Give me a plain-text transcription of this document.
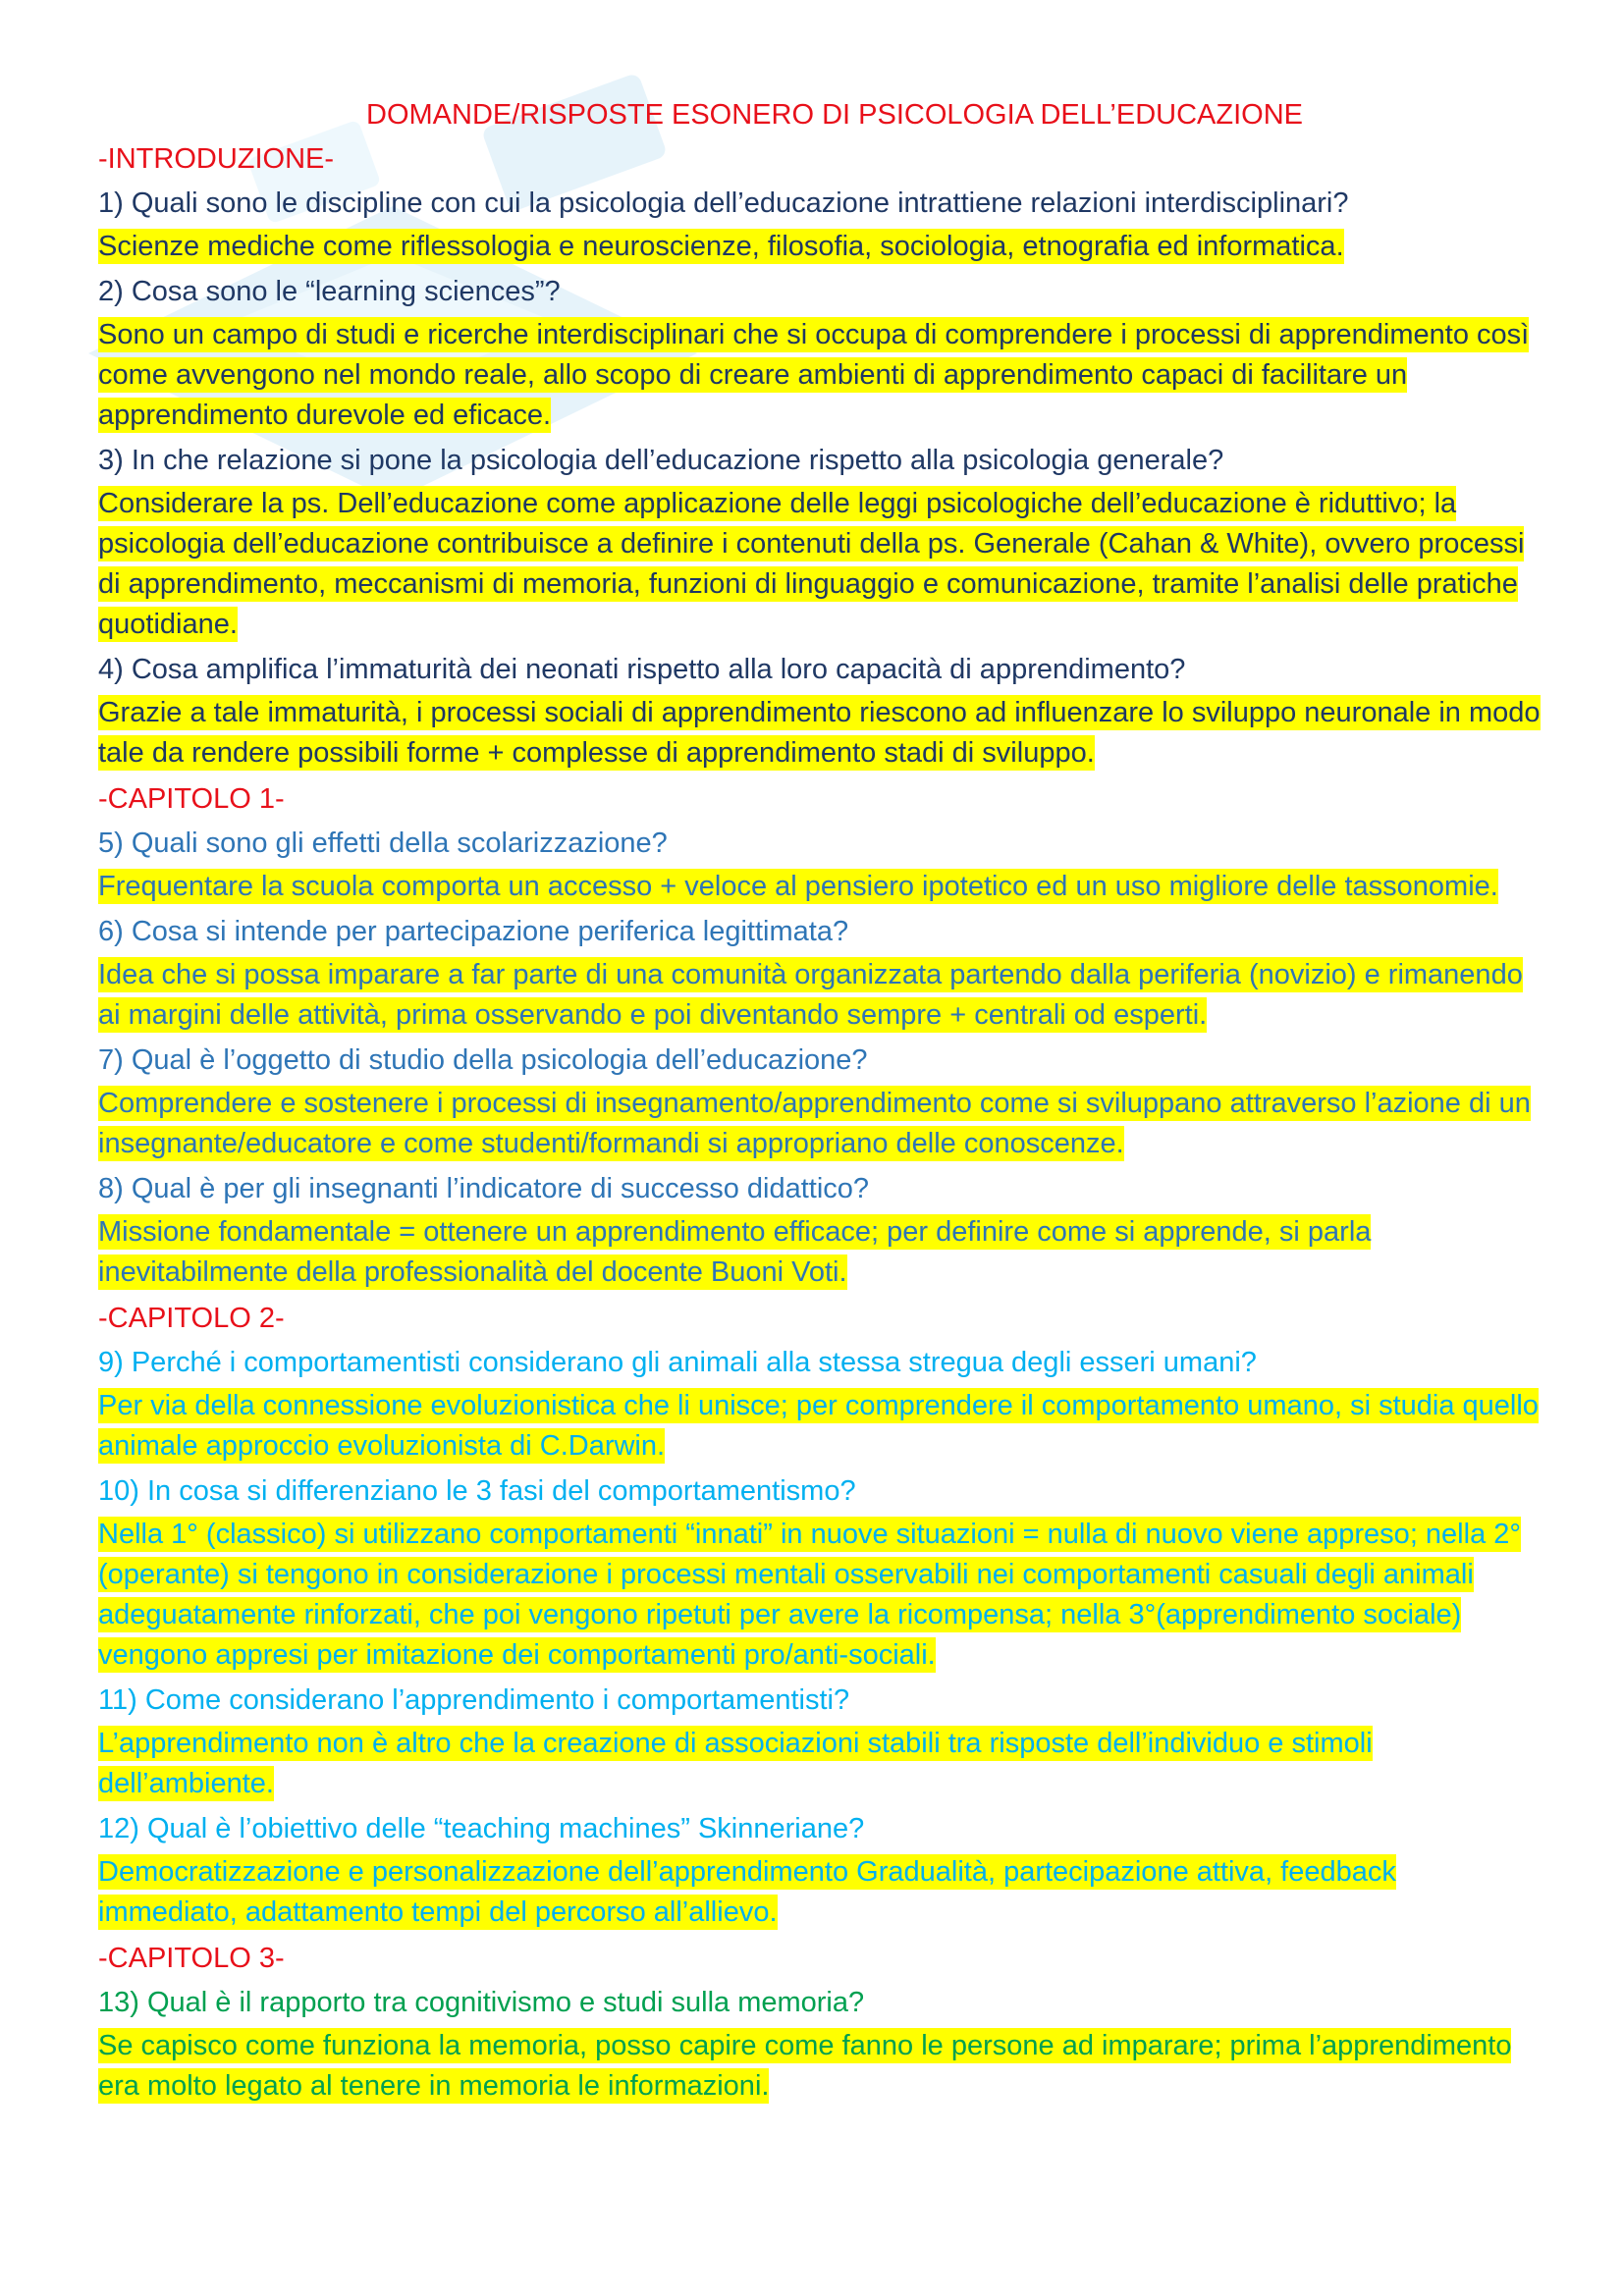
DOMANDE/RISPOSTE ESONERO DI PSICOLOGIA DELL’EDUCAZIONE

-INTRODUZIONE-

1) Quali sono le discipline con cui la psicologia dell’educazione intrattiene relazioni interdisciplinari?

Scienze mediche come riflessologia e neuroscienze, filosofia, sociologia, etnografia ed informatica.

2) Cosa sono le “learning sciences”?

Sono un campo di studi e ricerche interdisciplinari che si occupa di comprendere i processi di apprendimento così come avvengono nel mondo reale, allo scopo di creare ambienti di apprendimento capaci di facilitare un apprendimento durevole ed eficace.

3) In che relazione si pone la psicologia dell’educazione rispetto alla psicologia generale?

Considerare la ps. Dell’educazione come applicazione delle leggi psicologiche dell’educazione è riduttivo; la psicologia dell’educazione contribuisce a definire i contenuti della ps. Generale (Cahan & White), ovvero processi di apprendimento, meccanismi di memoria, funzioni di linguaggio e comunicazione, tramite l’analisi delle pratiche quotidiane.

4) Cosa amplifica l’immaturità dei neonati rispetto alla loro capacità di apprendimento?

Grazie a tale immaturità, i processi sociali di apprendimento riescono ad influenzare lo sviluppo neuronale in modo tale da rendere possibili forme + complesse di apprendimento stadi di sviluppo.

-CAPITOLO 1-

5) Quali sono gli effetti della scolarizzazione?

Frequentare la scuola comporta un accesso + veloce al pensiero ipotetico ed un uso migliore delle tassonomie.

6) Cosa si intende per partecipazione periferica legittimata?

Idea che si possa imparare a far parte di una comunità organizzata partendo dalla periferia (novizio) e rimanendo ai margini delle attività, prima osservando e poi diventando sempre + centrali od esperti.

7) Qual è l’oggetto di studio della psicologia dell’educazione?

Comprendere e sostenere i processi di insegnamento/apprendimento come si sviluppano attraverso l’azione di un insegnante/educatore e come studenti/formandi si appropriano delle conoscenze.

8) Qual è per gli insegnanti l’indicatore di successo didattico?

Missione fondamentale = ottenere un apprendimento efficace; per definire come si apprende, si parla inevitabilmente della professionalità del docente Buoni Voti.

-CAPITOLO 2-

9) Perché i comportamentisti considerano gli animali alla stessa stregua degli esseri umani?

Per via della connessione evoluzionistica che li unisce; per comprendere il comportamento umano, si studia quello animale approccio evoluzionista di C.Darwin.

10) In cosa si differenziano le 3 fasi del comportamentismo?

Nella 1° (classico) si utilizzano comportamenti “innati” in nuove situazioni = nulla di nuovo viene appreso; nella 2° (operante) si tengono in considerazione i processi mentali osservabili nei comportamenti casuali degli animali adeguatamente rinforzati, che poi vengono ripetuti per avere la ricompensa; nella 3°(apprendimento sociale) vengono appresi per imitazione dei comportamenti pro/anti-sociali.

11) Come considerano l’apprendimento i comportamentisti?

L’apprendimento non è altro che la creazione di associazioni stabili tra risposte dell’individuo e stimoli dell’ambiente.

12) Qual è l’obiettivo delle “teaching machines” Skinneriane?

Democratizzazione e personalizzazione dell’apprendimento Gradualità, partecipazione attiva, feedback immediato, adattamento tempi del percorso all’allievo.

-CAPITOLO 3-

13) Qual è il rapporto tra cognitivismo e studi sulla memoria?

Se capisco come funziona la memoria, posso capire come fanno le persone ad imparare; prima l’apprendimento era molto legato al tenere in memoria le informazioni.
